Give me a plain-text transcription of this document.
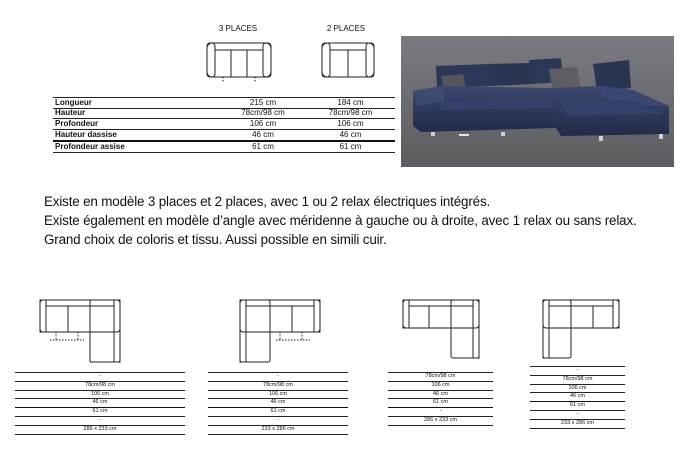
3 PLACES	2 PLACES
Longueur	215 cm	184 cm
Hauteur	78cm/98 cm	78cm/98 cm
Profondeur	106 cm	106 cm
Hauteur dassise	46 cm	46 cm
Profondeur assise	61 cm	61 cm
Existe en modèle 3 places et 2 places, avec 1 ou 2 relax électriques intégrés.
Existe également en modèle d’angle avec méridenne à gauche ou à droite, avec 1 relax ou sans relax.
Grand choix de coloris et tissu. Aussi possible en simili cuir.
-
78cm/98 cm
106 cm
46 cm
61 cm
-
286 x 233 cm
-
78cm/98 cm
106 cm
46 cm
61 cm
-
233 x 286 cm
78cm/98 cm
106 cm
46 cm
61 cm
-
286 x 233 cm
-
78cm/98 cm
106 cm
46 cm
61 cm
-
233 x 286 cm
